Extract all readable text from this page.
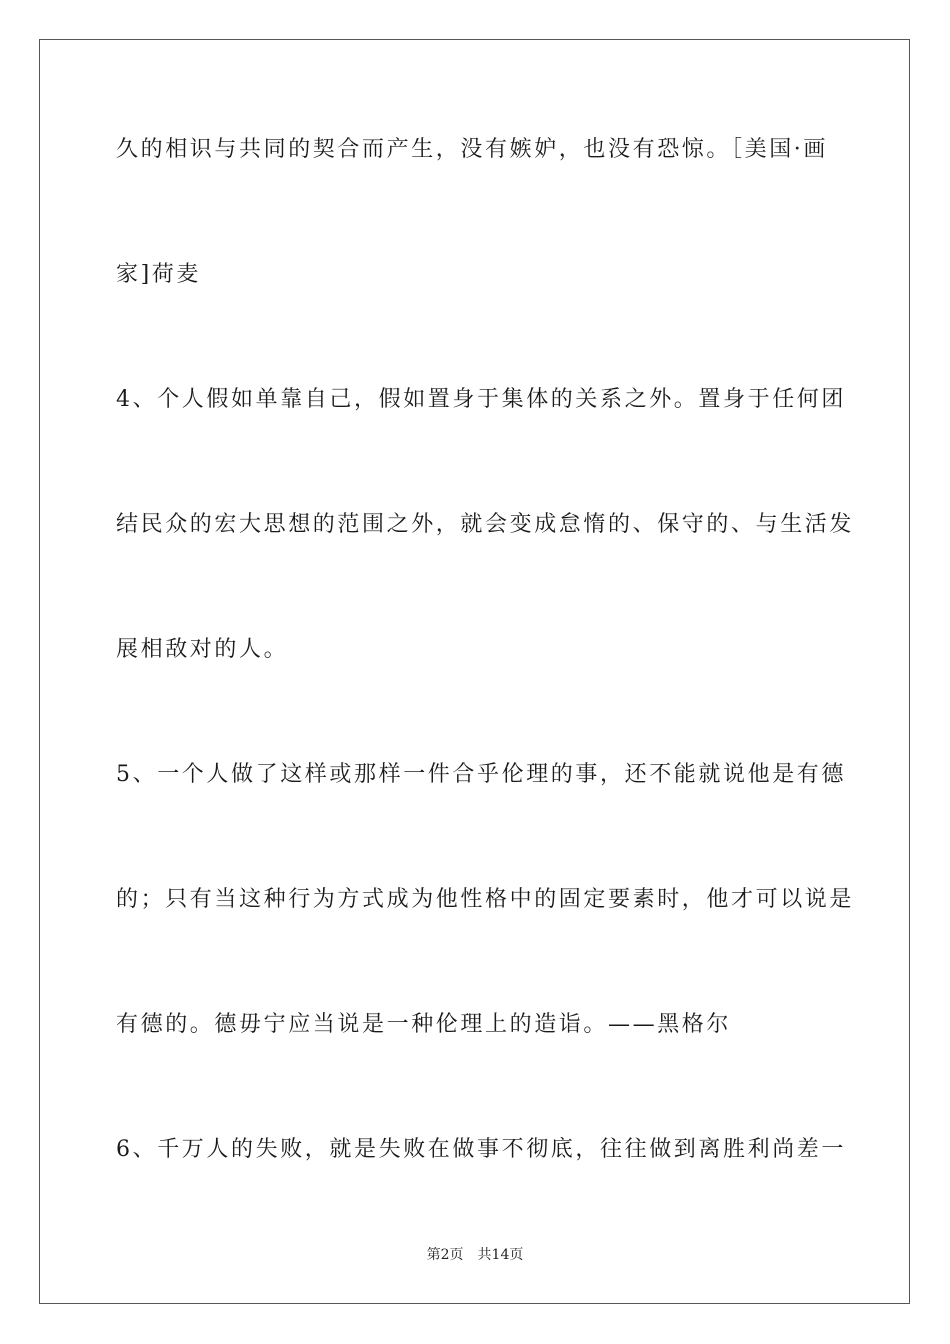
久的相识与共同的契合而产生，没有嫉妒，也没有恐惊。［美国·画
家]荷麦
4、个人假如单靠自己，假如置身于集体的关系之外。置身于任何团
结民众的宏大思想的范围之外，就会变成怠惰的、保守的、与生活发
展相敌对的人。
5、一个人做了这样或那样一件合乎伦理的事，还不能就说他是有德
的；只有当这种行为方式成为他性格中的固定要素时，他才可以说是
有德的。德毋宁应当说是一种伦理上的造诣。——黑格尔
6、千万人的失败，就是失败在做事不彻底，往往做到离胜利尚差一
第2页 共14页
